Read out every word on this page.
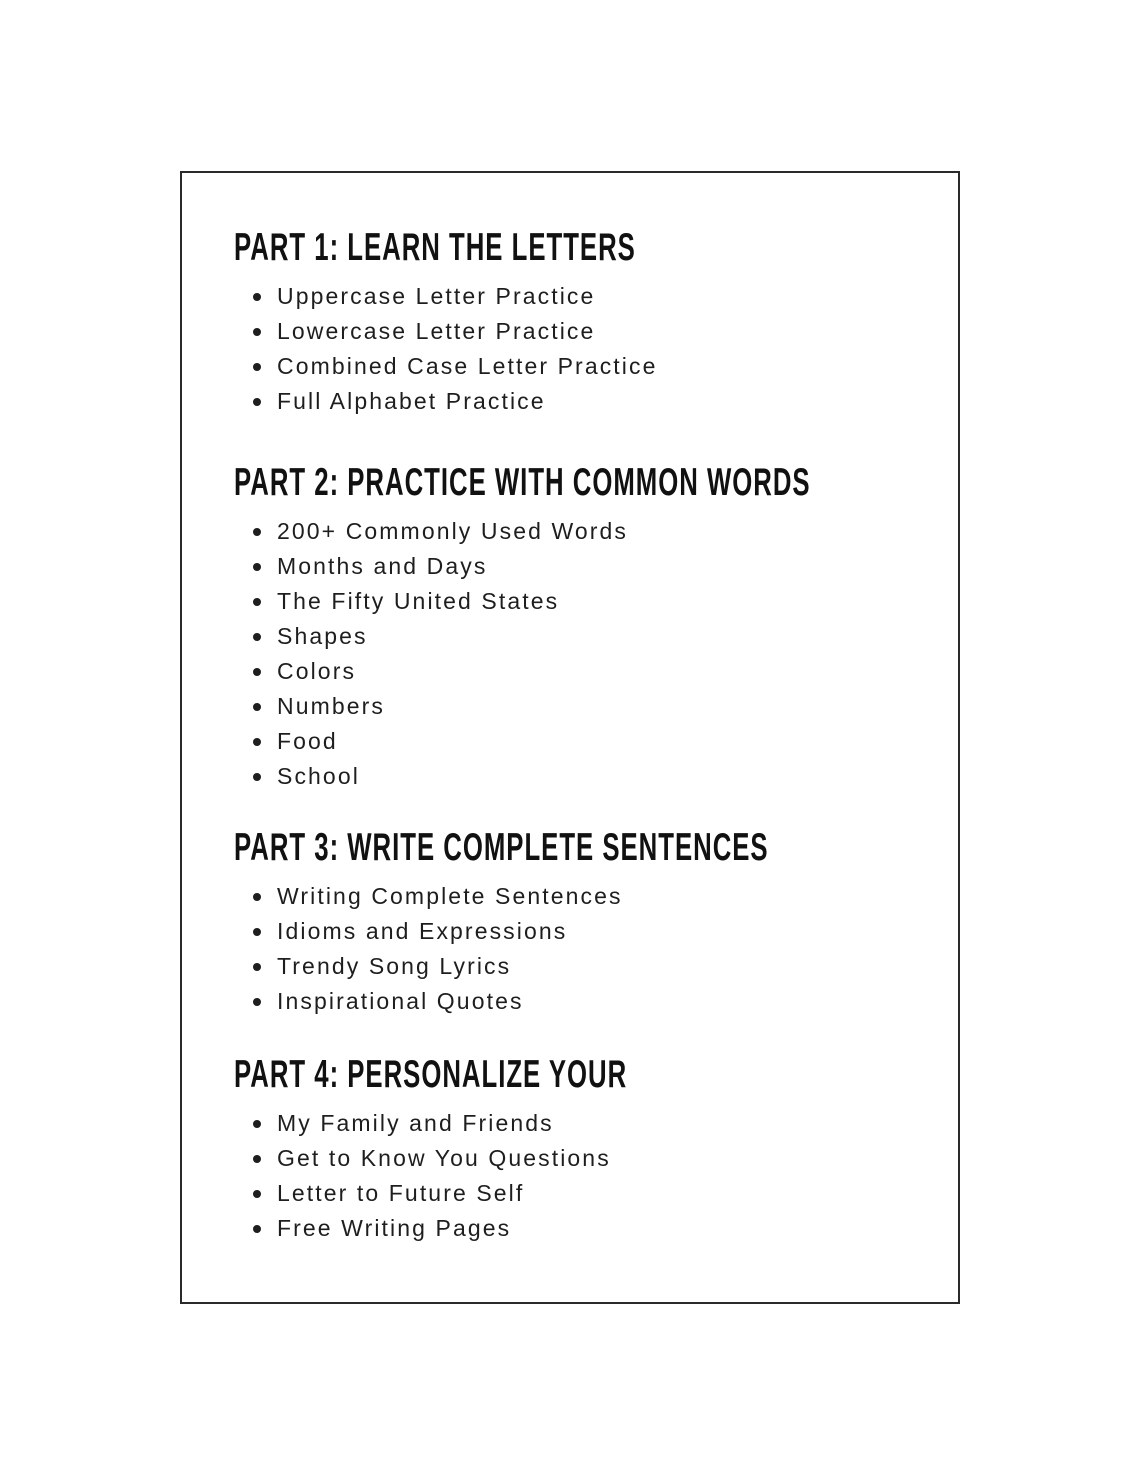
PART 1: LEARN THE LETTERS
Uppercase Letter Practice
Lowercase Letter Practice
Combined Case Letter Practice
Full Alphabet Practice
PART 2: PRACTICE WITH COMMON WORDS
200+ Commonly Used Words
Months and Days
The Fifty United States
Shapes
Colors
Numbers
Food
School
PART 3: WRITE COMPLETE SENTENCES
Writing Complete Sentences
Idioms and Expressions
Trendy Song Lyrics
Inspirational Quotes
PART 4: PERSONALIZE YOUR
My Family and Friends
Get to Know You Questions
Letter to Future Self
Free Writing Pages
